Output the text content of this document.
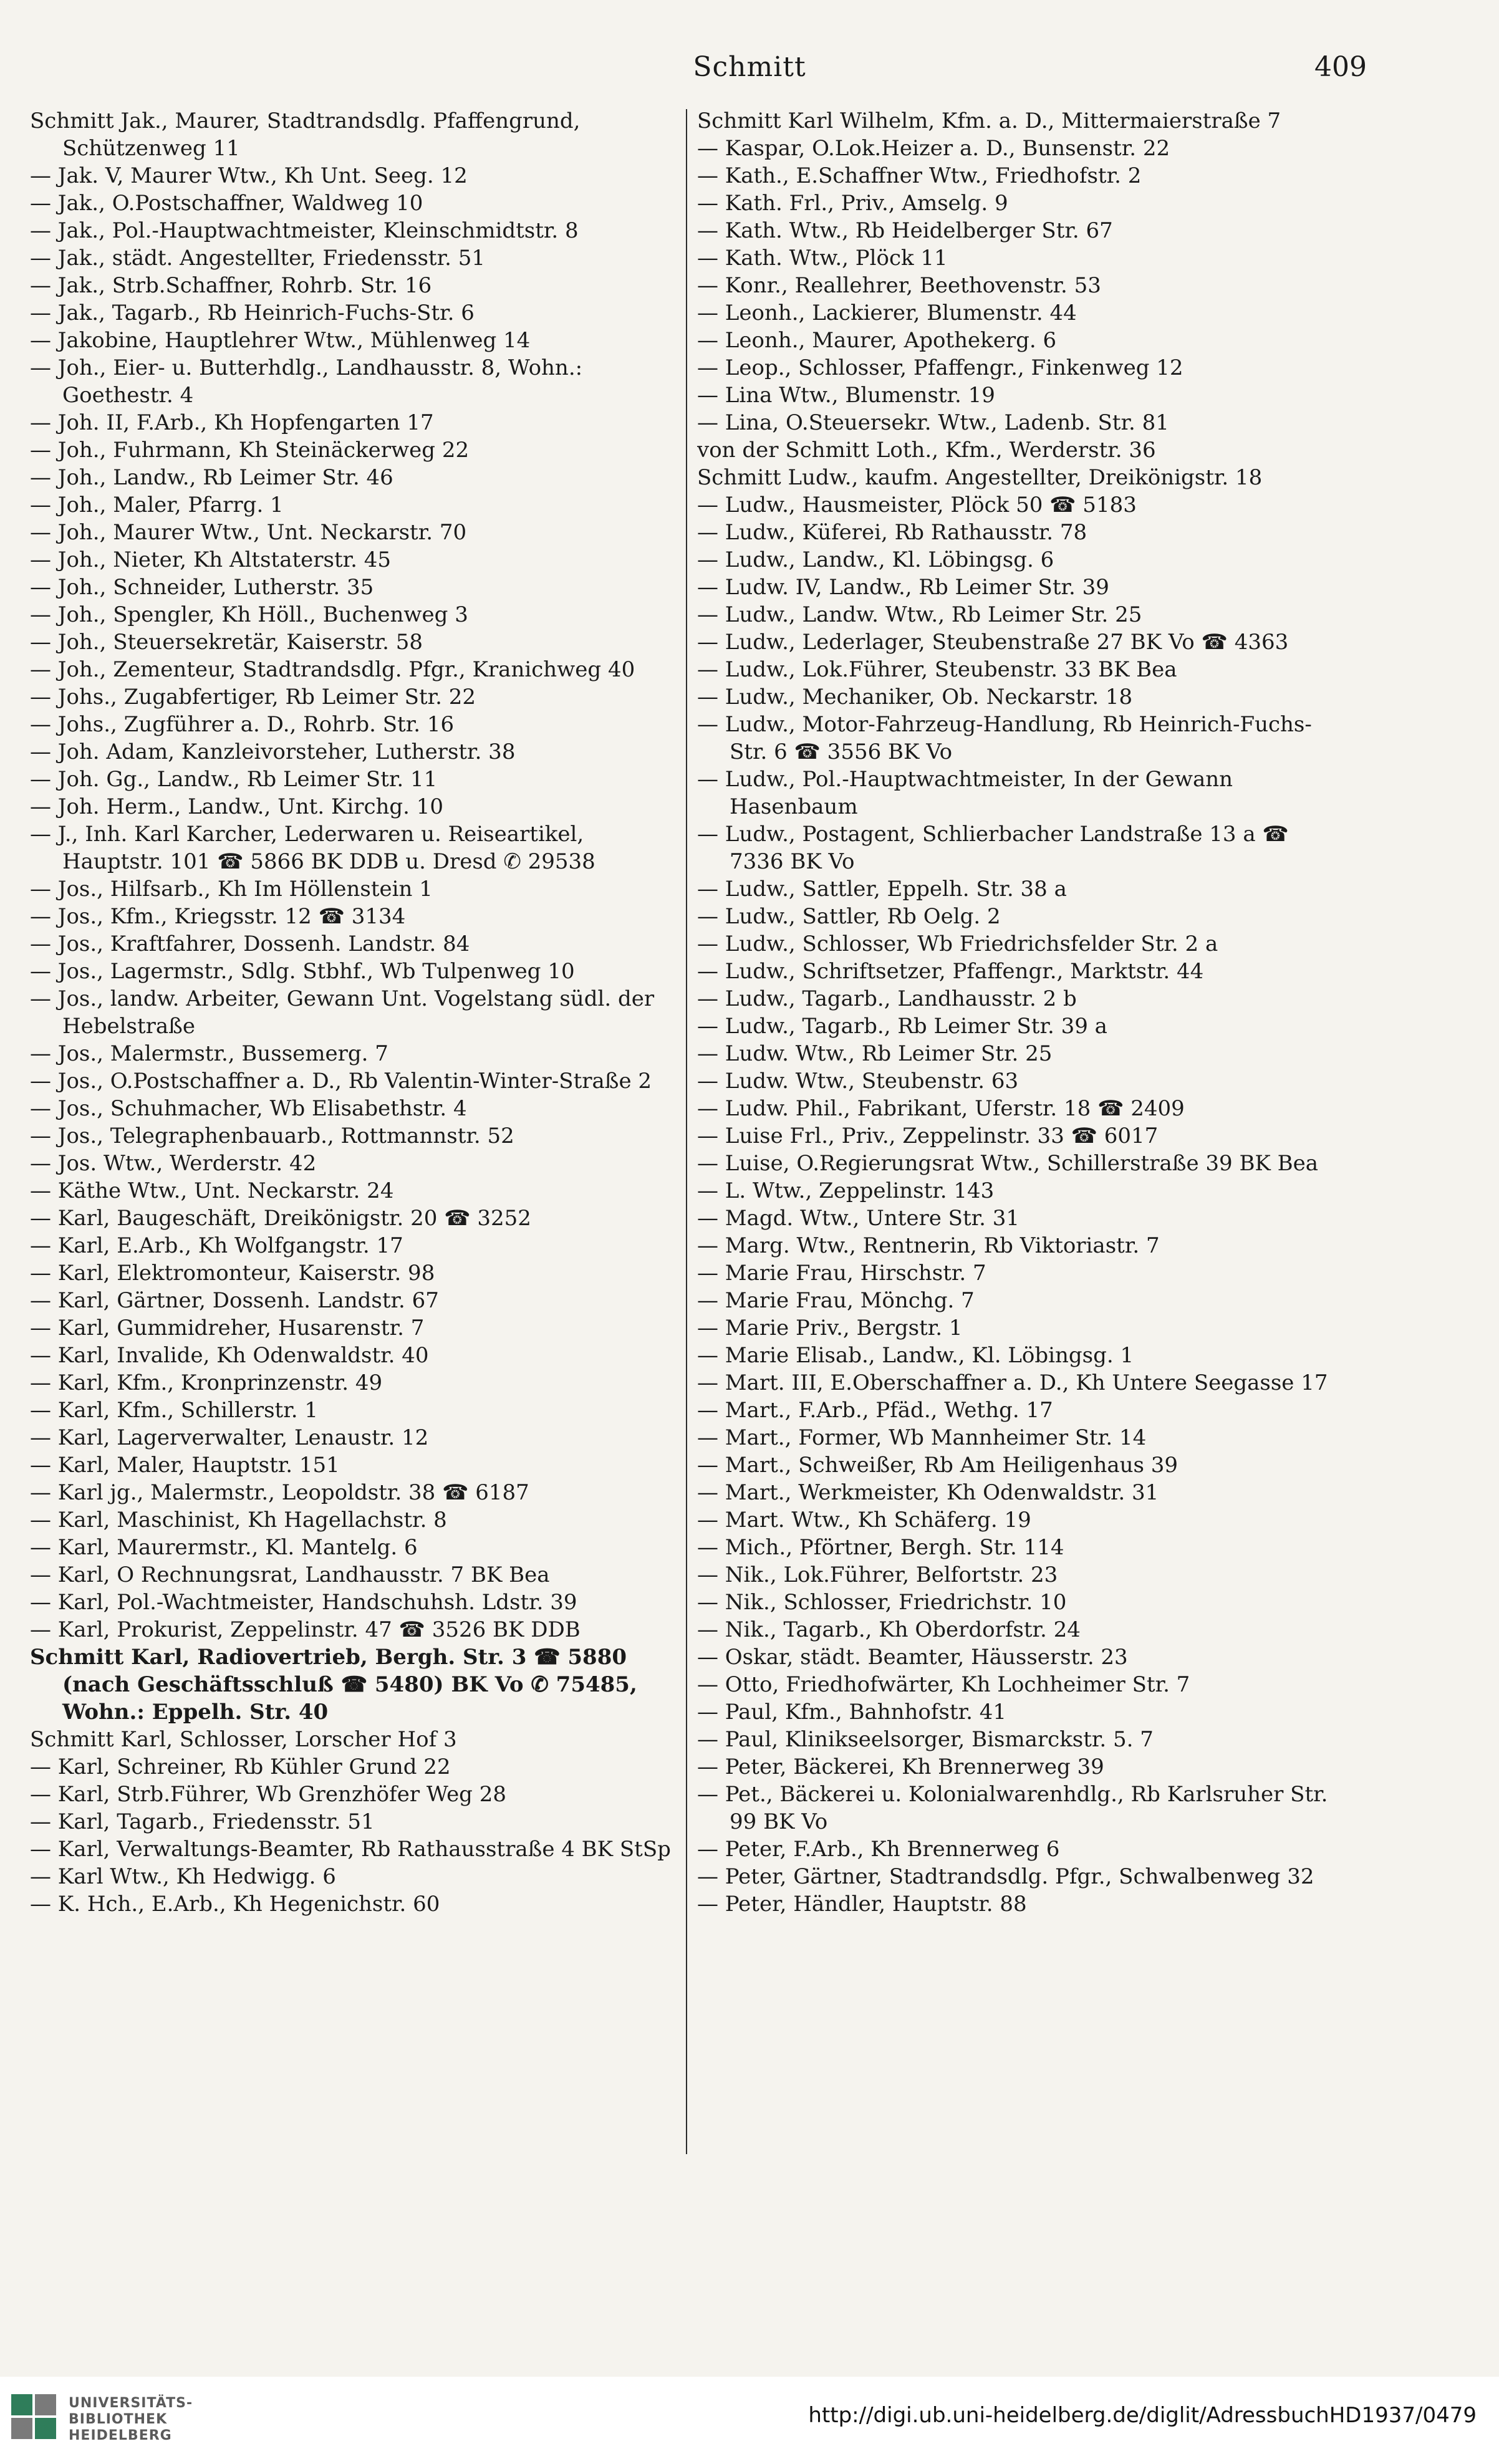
Schmitt	409

Schmitt Jak., Maurer, Stadtrandsdlg. Pfaffengrund, Schützenweg 11

— Jak. V, Maurer Wtw., Kh Unt. Seeg. 12

— Jak., O.Postschaffner, Waldweg 10

— Jak., Pol.-Hauptwachtmeister, Kleinschmidtstr. 8

— Jak., städt. Angestellter, Friedensstr. 51

— Jak., Strb.Schaffner, Rohrb. Str. 16

— Jak., Tagarb., Rb Heinrich-Fuchs-Str. 6

— Jakobine, Hauptlehrer Wtw., Mühlenweg 14

— Joh., Eier- u. Butterhdlg., Landhausstr. 8, Wohn.: Goethestr. 4

— Joh. II, F.Arb., Kh Hopfengarten 17

— Joh., Fuhrmann, Kh Steinäckerweg 22

— Joh., Landw., Rb Leimer Str. 46

— Joh., Maler, Pfarrg. 1

— Joh., Maurer Wtw., Unt. Neckarstr. 70

— Joh., Nieter, Kh Altstaterstr. 45

— Joh., Schneider, Lutherstr. 35

— Joh., Spengler, Kh Höll., Buchenweg 3

— Joh., Steuersekretär, Kaiserstr. 58

— Joh., Zementeur, Stadtrandsdlg. Pfgr., Kranichweg 40

— Johs., Zugabfertiger, Rb Leimer Str. 22

— Johs., Zugführer a. D., Rohrb. Str. 16

— Joh. Adam, Kanzleivorsteher, Lutherstr. 38

— Joh. Gg., Landw., Rb Leimer Str. 11

— Joh. Herm., Landw., Unt. Kirchg. 10

— J., Inh. Karl Karcher, Lederwaren u. Reiseartikel, Hauptstr. 101 ☎ 5866 BK DDB u. Dresd ✆ 29538

— Jos., Hilfsarb., Kh Im Höllenstein 1

— Jos., Kfm., Kriegsstr. 12 ☎ 3134

— Jos., Kraftfahrer, Dossenh. Landstr. 84

— Jos., Lagermstr., Sdlg. Stbhf., Wb Tulpenweg 10

— Jos., landw. Arbeiter, Gewann Unt. Vogelstang südl. der Hebelstraße

— Jos., Malermstr., Bussemerg. 7

— Jos., O.Postschaffner a. D., Rb Valentin-Winter-Straße 2

— Jos., Schuhmacher, Wb Elisabethstr. 4

— Jos., Telegraphenbauarb., Rottmannstr. 52

— Jos. Wtw., Werderstr. 42

— Käthe Wtw., Unt. Neckarstr. 24

— Karl, Baugeschäft, Dreikönigstr. 20 ☎ 3252

— Karl, E.Arb., Kh Wolfgangstr. 17

— Karl, Elektromonteur, Kaiserstr. 98

— Karl, Gärtner, Dossenh. Landstr. 67

— Karl, Gummidreher, Husarenstr. 7

— Karl, Invalide, Kh Odenwaldstr. 40

— Karl, Kfm., Kronprinzenstr. 49

— Karl, Kfm., Schillerstr. 1

— Karl, Lagerverwalter, Lenaustr. 12

— Karl, Maler, Hauptstr. 151

— Karl jg., Malermstr., Leopoldstr. 38 ☎ 6187

— Karl, Maschinist, Kh Hagellachstr. 8

— Karl, Maurermstr., Kl. Mantelg. 6

— Karl, O Rechnungsrat, Landhausstr. 7 BK Bea

— Karl, Pol.-Wachtmeister, Handschuhsh. Ldstr. 39

— Karl, Prokurist, Zeppelinstr. 47 ☎ 3526 BK DDB

Schmitt Karl, Radiovertrieb, Bergh. Str. 3 ☎ 5880 (nach Geschäftsschluß ☎ 5480) BK Vo ✆ 75485, Wohn.: Eppelh. Str. 40

Schmitt Karl, Schlosser, Lorscher Hof 3

— Karl, Schreiner, Rb Kühler Grund 22

— Karl, Strb.Führer, Wb Grenzhöfer Weg 28

— Karl, Tagarb., Friedensstr. 51

— Karl, Verwaltungs-Beamter, Rb Rathausstraße 4 BK StSp

— Karl Wtw., Kh Hedwigg. 6

— K. Hch., E.Arb., Kh Hegenichstr. 60

Schmitt Karl Wilhelm, Kfm. a. D., Mittermaierstraße 7

— Kaspar, O.Lok.Heizer a. D., Bunsenstr. 22

— Kath., E.Schaffner Wtw., Friedhofstr. 2

— Kath. Frl., Priv., Amselg. 9

— Kath. Wtw., Rb Heidelberger Str. 67

— Kath. Wtw., Plöck 11

— Konr., Reallehrer, Beethovenstr. 53

— Leonh., Lackierer, Blumenstr. 44

— Leonh., Maurer, Apothekerg. 6

— Leop., Schlosser, Pfaffengr., Finkenweg 12

— Lina Wtw., Blumenstr. 19

— Lina, O.Steuersekr. Wtw., Ladenb. Str. 81

von der Schmitt Loth., Kfm., Werderstr. 36

Schmitt Ludw., kaufm. Angestellter, Dreikönigstr. 18

— Ludw., Hausmeister, Plöck 50 ☎ 5183

— Ludw., Küferei, Rb Rathausstr. 78

— Ludw., Landw., Kl. Löbingsg. 6

— Ludw. IV, Landw., Rb Leimer Str. 39

— Ludw., Landw. Wtw., Rb Leimer Str. 25

— Ludw., Lederlager, Steubenstraße 27 BK Vo ☎ 4363

— Ludw., Lok.Führer, Steubenstr. 33 BK Bea

— Ludw., Mechaniker, Ob. Neckarstr. 18

— Ludw., Motor-Fahrzeug-Handlung, Rb Heinrich-Fuchs-Str. 6 ☎ 3556 BK Vo

— Ludw., Pol.-Hauptwachtmeister, In der Gewann Hasenbaum

— Ludw., Postagent, Schlierbacher Landstraße 13 a ☎ 7336 BK Vo

— Ludw., Sattler, Eppelh. Str. 38 a

— Ludw., Sattler, Rb Oelg. 2

— Ludw., Schlosser, Wb Friedrichsfelder Str. 2 a

— Ludw., Schriftsetzer, Pfaffengr., Marktstr. 44

— Ludw., Tagarb., Landhausstr. 2 b

— Ludw., Tagarb., Rb Leimer Str. 39 a

— Ludw. Wtw., Rb Leimer Str. 25

— Ludw. Wtw., Steubenstr. 63

— Ludw. Phil., Fabrikant, Uferstr. 18 ☎ 2409

— Luise Frl., Priv., Zeppelinstr. 33 ☎ 6017

— Luise, O.Regierungsrat Wtw., Schillerstraße 39 BK Bea

— L. Wtw., Zeppelinstr. 143

— Magd. Wtw., Untere Str. 31

— Marg. Wtw., Rentnerin, Rb Viktoriastr. 7

— Marie Frau, Hirschstr. 7

— Marie Frau, Mönchg. 7

— Marie Priv., Bergstr. 1

— Marie Elisab., Landw., Kl. Löbingsg. 1

— Mart. III, E.Oberschaffner a. D., Kh Untere Seegasse 17

— Mart., F.Arb., Pfäd., Wethg. 17

— Mart., Former, Wb Mannheimer Str. 14

— Mart., Schweißer, Rb Am Heiligenhaus 39

— Mart., Werkmeister, Kh Odenwaldstr. 31

— Mart. Wtw., Kh Schäferg. 19

— Mich., Pförtner, Bergh. Str. 114

— Nik., Lok.Führer, Belfortstr. 23

— Nik., Schlosser, Friedrichstr. 10

— Nik., Tagarb., Kh Oberdorfstr. 24

— Oskar, städt. Beamter, Häusserstr. 23

— Otto, Friedhofwärter, Kh Lochheimer Str. 7

— Paul, Kfm., Bahnhofstr. 41

— Paul, Klinikseelsorger, Bismarckstr. 5. 7

— Peter, Bäckerei, Kh Brennerweg 39

— Pet., Bäckerei u. Kolonialwarenhdlg., Rb Karlsruher Str. 99 BK Vo

— Peter, F.Arb., Kh Brennerweg 6

— Peter, Gärtner, Stadtrandsdlg. Pfgr., Schwalbenweg 32

— Peter, Händler, Hauptstr. 88

UNIVERSITÄTS-
BIBLIOTHEK
HEIDELBERG
http://digi.ub.uni-heidelberg.de/diglit/AdressbuchHD1937/0479
